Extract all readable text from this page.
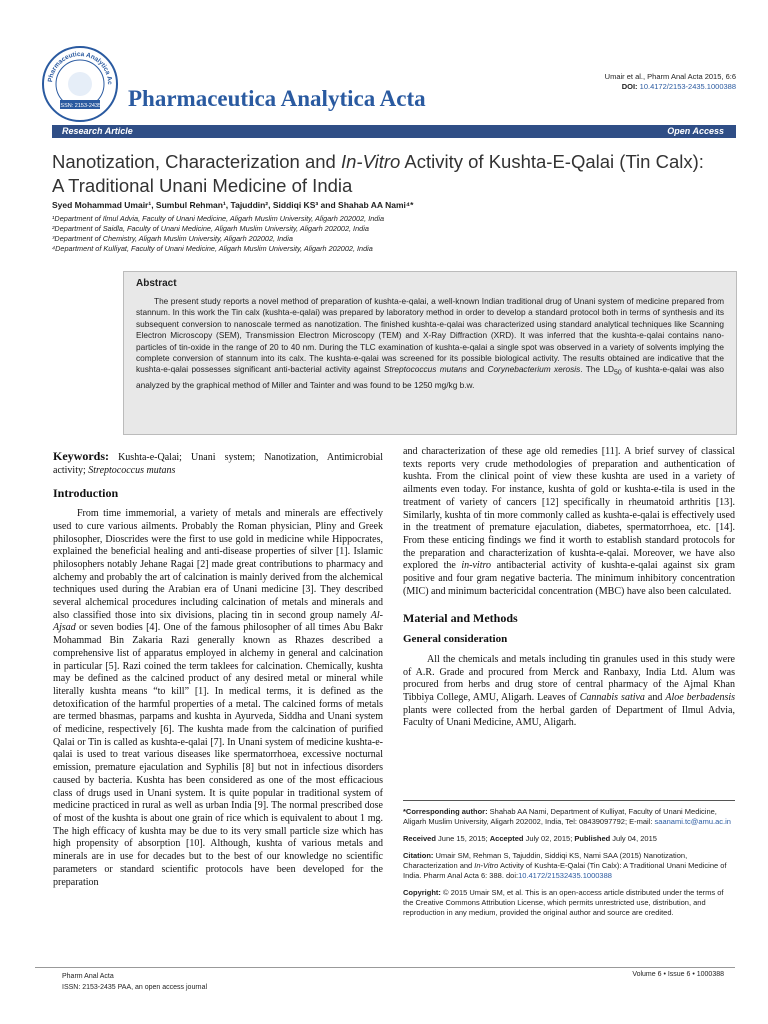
Pharmaceutica Analytica Ac
ISSN: 2153-2435 Pharmaceutica Analytica Acta
Umair et al., Pharm Anal Acta 2015, 6:6
DOI: 10.4172/2153-2435.1000388
Research Article	Open Access
Nanotization, Characterization and In-Vitro Activity of Kushta-E-Qalai (Tin Calx): A Traditional Unani Medicine of India
Syed Mohammad Umair¹, Sumbul Rehman¹, Tajuddin², Siddiqi KS³ and Shahab AA Nami⁴*
¹Department of Ilmul Advia, Faculty of Unani Medicine, Aligarh Muslim University, Aligarh 202002, India
²Department of Saidla, Faculty of Unani Medicine, Aligarh Muslim University, Aligarh 202002, India
³Department of Chemistry, Aligarh Muslim University, Aligarh 202002, India
⁴Department of Kulliyat, Faculty of Unani Medicine, Aligarh Muslim University, Aligarh 202002, India
Abstract
The present study reports a novel method of preparation of kushta-e-qalai, a well-known Indian traditional drug of Unani system of medicine prepared from stannum. In this work the Tin calx (kushta-e-qalai) was prepared by laboratory method in order to develop a standard protocol both in terms of synthesis and its subsequent conversion to nanoscale termed as nanotization. The finished kushta-e-qalai was characterized using standard analytical techniques like Scanning Electron Microscopy (SEM), Transmission Electron Microscopy (TEM) and X-Ray Diffraction (XRD). It was inferred that the kushta-e-qalai contains nano-particles of tin-oxide in the range of 20 to 40 nm. During the TLC examination of kushta-e-qalai a single spot was observed in a variety of solvents implying the complete conversion of stannum into its calx. The kushta-e-qalai was screened for its possible biological activity. The results obtained are indicative that the kushta-e-qalai possesses significant anti-bacterial activity against Streptococcus mutans and Corynebacterium xerosis. The $LD_{50}$ of kushta-e-qalai was also analyzed by the graphical method of Miller and Tainter and was found to be 1250 mg/kg b.w.
Keywords: Kushta-e-Qalai; Unani system; Nanotization, Antimicrobial activity; Streptococcus mutans
Introduction

From time immemorial, a variety of metals and minerals are effectively used to cure various ailments. Probably the Roman physician, Pliny and Greek philosopher, Dioscrides were the first to use gold in medicine while Hippocrates, explained the beneficial healing and anti-disease properties of silver [1]. Islamic philosophers notably Jehane Ragai [2] made great contributions to pharmacy and alchemy and probably the art of calcination is mainly derived from the alchemical techniques used during the Arabian era of Unani medicine [3]. They described several alchemical procedures including calcination of metals and minerals and also classified those into six divisions, placing tin in second group namely Al-Ajsad or seven bodies [4]. One of the famous philosopher of all times Abu Bakr Mohammad Bin Zakaria Razi generally known as Rhazes described a comprehensive list of apparatus employed in alchemy in general and calcination in particular [5]. Razi coined the term taklees for calcination. Chemically, kushta may be defined as the calcined product of any desired metal or mineral while literally kushta means “to kill” [1]. In medical terms, it is defined as the detoxification of the harmful properties of a metal. The calcined forms of metals are termed bhasmas, parpams and kushta in Ayurveda, Siddha and Unani system of medicine, respectively [6]. The kushta made from the calcination of purified Qalai or Tin is called as kushta-e-qalai [7]. In Unani system of medicine kushta-e-qalai is used to treat various diseases like spermatorrhoea, excessive nocturnal emission, premature ejaculation and Syphilis [8] but not in infectious disorders caused by bacteria. Kushta has been considered as one of the most efficacious class of drugs used in Unani system. It is quite popular in traditional system of medicine practiced in rural as well as urban India [9]. The normal prescribed dose of most of the kushta is about one grain of rice which is equivalent to about 1 mg. The high efficacy of kushta may be due to its very small particle size which has high propensity of absorption [10]. Although, kushta of various metals and minerals are in use for decades but to the best of our knowledge no scientific parameters or standard scientific protocols have been developed for the preparation

and characterization of these age old remedies [11]. A brief survey of classical texts reports very crude methodologies of preparation and authentication of kushta. From the clinical point of view these kushta are used in a variety of ailments even today. For instance, kushta of gold or kushta-e-tila is used in the treatment of variety of cancers [12] specifically in rheumatoid arthritis [13]. Similarly, kushta of tin more commonly called as kushta-e-qalai is effectively used in the treatment of premature ejaculation, diabetes, spermatorrhoea, etc. [14]. From these enticing findings we find it worth to establish standard protocols for the preparation and characterization of kushta-e-qalai. Moreover, we have also explored the in-vitro antibacterial activity of kushta-e-qalai against six gram positive and four gram negative bacteria. The minimum inhibitory concentration (MIC) and minimum bactericidal concentration (MBC) have also been calculated.

Material and Methods
General consideration

All the chemicals and metals including tin granules used in this study were of A.R. Grade and procured from Merck and Ranbaxy, India Ltd. Alum was procured from herbs and drug store of central pharmacy of the Ajmal Khan Tibbiya College, AMU, Aligarh. Leaves of Cannabis sativa and Aloe berbadensis plants were collected from the herbal garden of Department of Ilmul Advia, Faculty of Unani Medicine, AMU, Aligarh.

*Corresponding author: Shahab AA Nami, Department of Kulliyat, Faculty of Unani Medicine, Aligarh Muslim University, Aligarh 202002, India, Tel: 08439097792; E-mail: saanami.tc@amu.ac.in

Received June 15, 2015; Accepted July 02, 2015; Published July 04, 2015

Citation: Umair SM, Rehman S, Tajuddin, Siddiqi KS, Nami SAA (2015) Nanotization, Characterization and In-Vitro Activity of Kushta-E-Qalai (Tin Calx): A Traditional Unani Medicine of India. Pharm Anal Acta 6: 388. doi:10.4172/21532435.1000388

Copyright: © 2015 Umair SM, et al. This is an open-access article distributed under the terms of the Creative Commons Attribution License, which permits unrestricted use, distribution, and reproduction in any medium, provided the original author and source are credited.

Pharm Anal Acta
ISSN: 2153-2435 PAA, an open access journal
Volume 6 • Issue 6 • 1000388
